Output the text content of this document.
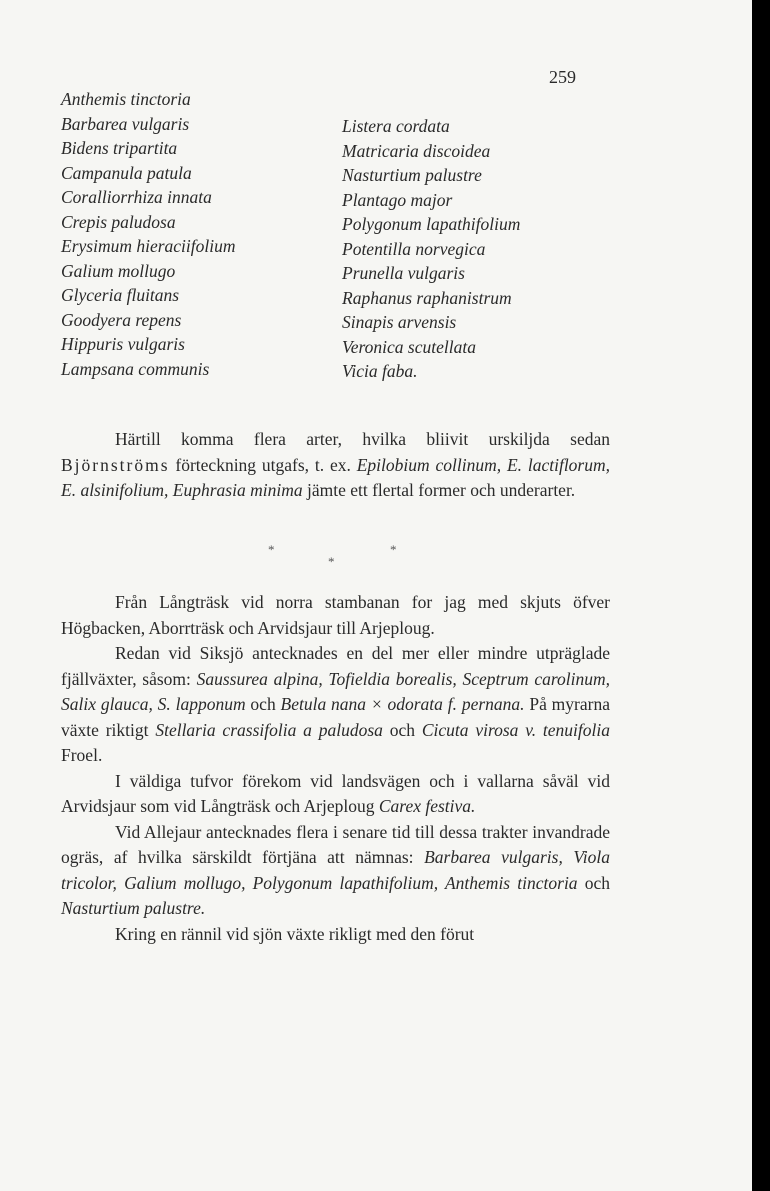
259
Anthemis tinctoria
Barbarea vulgaris
Bidens tripartita
Campanula patula
Coralliorrhiza innata
Crepis paludosa
Erysimum hieraciifolium
Galium mollugo
Glyceria fluitans
Goodyera repens
Hippuris vulgaris
Lampsana communis
Listera cordata
Matricaria discoidea
Nasturtium palustre
Plantago major
Polygonum lapathifolium
Potentilla norvegica
Prunella vulgaris
Raphanus raphanistrum
Sinapis arvensis
Veronica scutellata
Vicia faba.

Härtill komma flera arter, hvilka bliivit urskiljda sedan Björnströms förteckning utgafs, t. ex. Epilobium collinum, E. lactiflorum, E. alsinifolium, Euphrasia minima jämte ett flertal former och underarter.

*
*
*

Från Långträsk vid norra stambanan for jag med skjuts öfver Högbacken, Aborrträsk och Arvidsjaur till Arjeploug.

Redan vid Siksjö antecknades en del mer eller mindre utpräglade fjällväxter, såsom: Saussurea alpina, Tofieldia borealis, Sceptrum carolinum, Salix glauca, S. lapponum och Betula nana × odorata f. pernana. På myrarna växte riktigt Stellaria crassifolia a paludosa och Cicuta virosa v. tenuifolia Froel.

I väldiga tufvor förekom vid landsvägen och i vallarna såväl vid Arvidsjaur som vid Långträsk och Arjeploug Carex festiva.

Vid Allejaur antecknades flera i senare tid till dessa trakter invandrade ogräs, af hvilka särskildt förtjäna att nämnas: Barbarea vulgaris, Viola tricolor, Galium mollugo, Polygonum lapathifolium, Anthemis tinctoria och Nasturtium palustre.

Kring en rännil vid sjön växte rikligt med den förut
